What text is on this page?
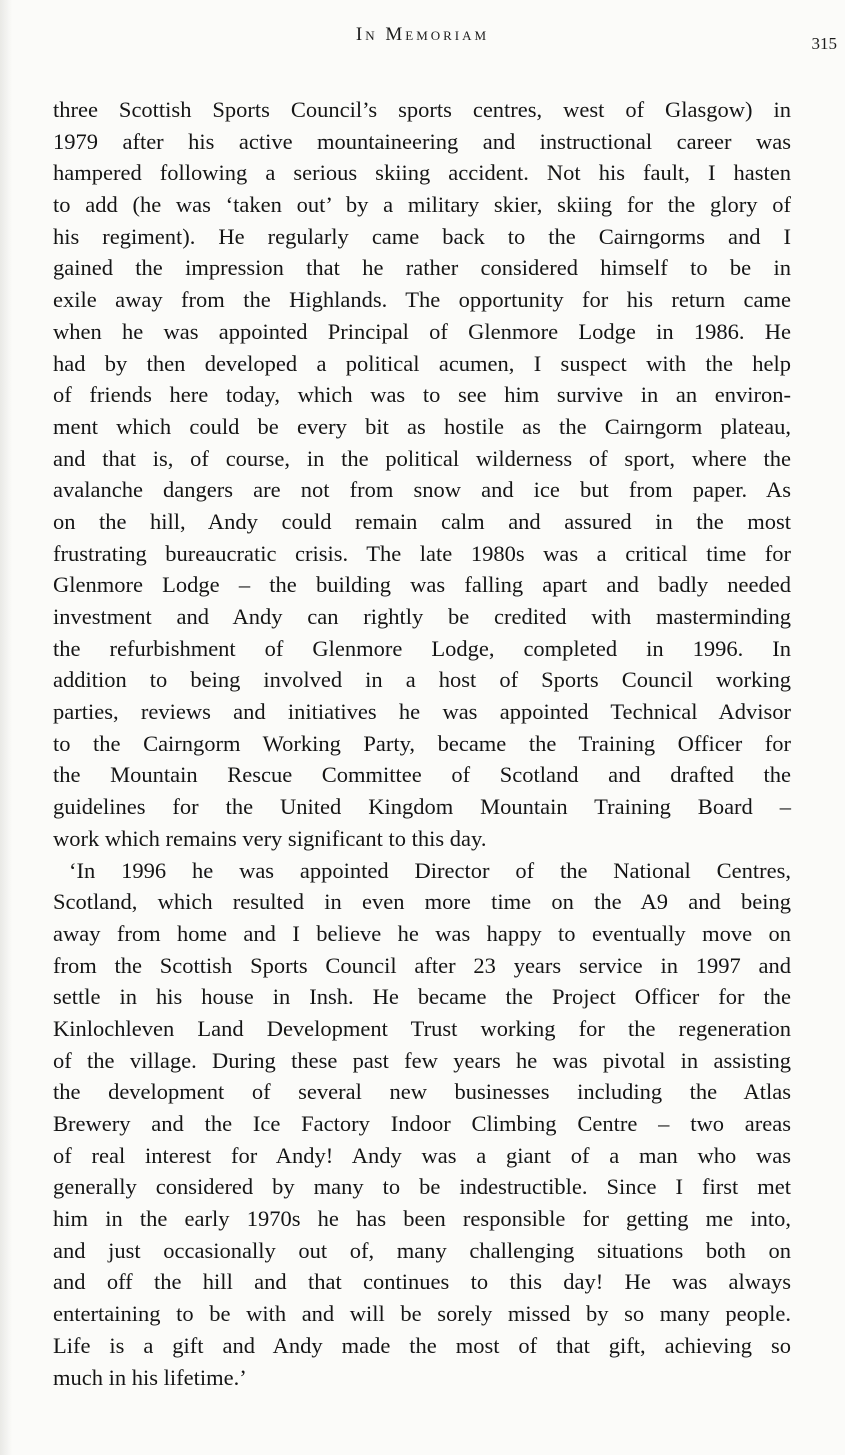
In Memoriam	315
three Scottish Sports Council’s sports centres, west of Glasgow) in
1979 after his active mountaineering and instructional career was
hampered following a serious skiing accident. Not his fault, I hasten
to add (he was ‘taken out’ by a military skier, skiing for the glory of
his regiment). He regularly came back to the Cairngorms and I
gained the impression that he rather considered himself to be in
exile away from the Highlands. The opportunity for his return came
when he was appointed Principal of Glenmore Lodge in 1986. He
had by then developed a political acumen, I suspect with the help
of friends here today, which was to see him survive in an environ-
ment which could be every bit as hostile as the Cairngorm plateau,
and that is, of course, in the political wilderness of sport, where the
avalanche dangers are not from snow and ice but from paper. As
on the hill, Andy could remain calm and assured in the most
frustrating bureaucratic crisis. The late 1980s was a critical time for
Glenmore Lodge – the building was falling apart and badly needed
investment and Andy can rightly be credited with masterminding
the refurbishment of Glenmore Lodge, completed in 1996. In
addition to being involved in a host of Sports Council working
parties, reviews and initiatives he was appointed Technical Advisor
to the Cairngorm Working Party, became the Training Officer for
the Mountain Rescue Committee of Scotland and drafted the
guidelines for the United Kingdom Mountain Training Board –
work which remains very significant to this day.
‘In 1996 he was appointed Director of the National Centres,
Scotland, which resulted in even more time on the A9 and being
away from home and I believe he was happy to eventually move on
from the Scottish Sports Council after 23 years service in 1997 and
settle in his house in Insh. He became the Project Officer for the
Kinlochleven Land Development Trust working for the regeneration
of the village. During these past few years he was pivotal in assisting
the development of several new businesses including the Atlas
Brewery and the Ice Factory Indoor Climbing Centre – two areas
of real interest for Andy! Andy was a giant of a man who was
generally considered by many to be indestructible. Since I first met
him in the early 1970s he has been responsible for getting me into,
and just occasionally out of, many challenging situations both on
and off the hill and that continues to this day! He was always
entertaining to be with and will be sorely missed by so many people.
Life is a gift and Andy made the most of that gift, achieving so
much in his lifetime.’
